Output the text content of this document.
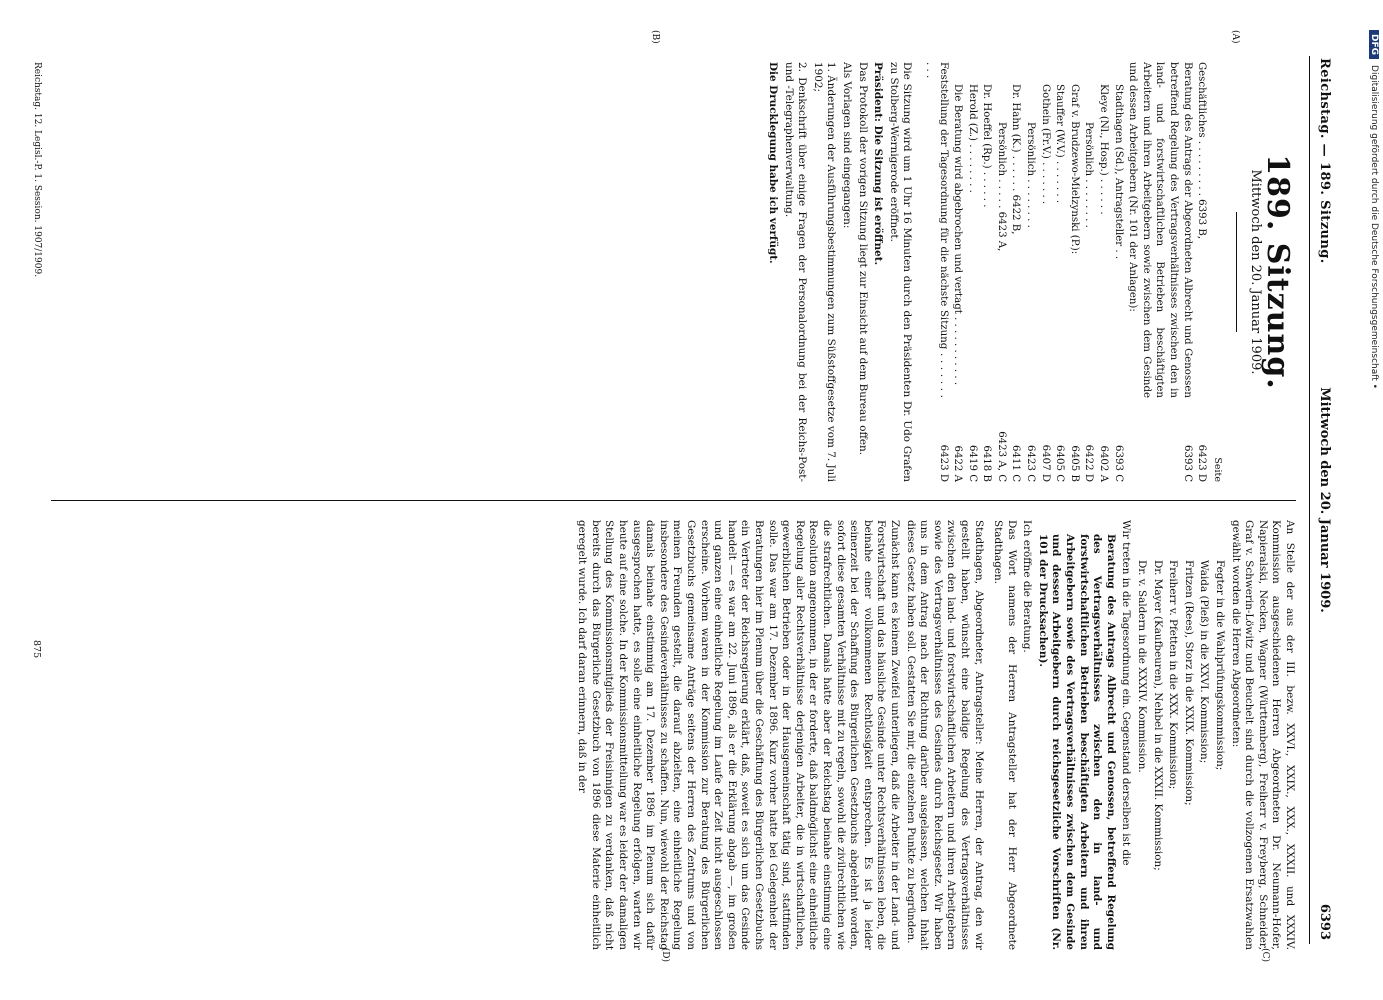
Reichstag. — 189. Sitzung.
Mittwoch den 20. Januar 1909.
6393
(A)
(B)
(C)
(D)
189. Sitzung.
Mittwoch den 20. Januar 1909.
Seite
Geschäftliches . . . . . . . . . 6393 B,	6423 D
Beratung des Antrags der Abgeordneten Albrecht und Genossen betreffend Regelung des Vertragsverhältnisses zwischen den in land- und forstwirtschaftlichen Betrieben beschäftigten Arbeitern und ihren Arbeitgebern sowie zwischen dem Gesinde und dessen Arbeitgebern (Nr. 101 der Anlagen):	6393 C
Stadthagen (Sd.), Antragsteller . .	6393 C
Kleye (Nl., Hosp.) . . . . . .	6402 A
Persönlich . . . . . . . .	6422 D
Graf v. Brudzewo-Mielzynski (P.):	6405 B
Stauffer (W.V.) . . . . . . .	6405 C
Gothein (Fr.V.) . . . . . . .	6407 D
Persönlich . . . . . . . .	6423 C
Dr. Hahn (K.) . . . . . . 6422 B,	6411 C
Persönlich . . . . . 6423 A,	6423 A, C
Dr. Hoeffel (Rp.) . . . . . .	6418 B
Herold (Z.) . . . . . . . .	6419 C
Die Beratung wird abgebrochen und vertagt . . . . . . . . . . .	6422 A
Feststellung der Tagesordnung für die nächste Sitzung . . . . . . . . . .	6423 D

Die Sitzung wird um 1 Uhr 16 Minuten durch den Präsidenten Dr. Udo Grafen zu Stolberg-Wernigerode eröffnet.

Präsident: Die Sitzung ist eröffnet.

Das Protokoll der vorigen Sitzung liegt zur Einsicht auf dem Bureau offen.

Als Vorlagen sind eingegangen:

1. Änderungen der Ausführungsbestimmungen zum Süßstoffgesetze vom 7. Juli 1902;

2. Denkschrift über einige Fragen der Personalordnung bei der Reichs-Post- und -Telegraphenverwaltung.

Die Drucklegung habe ich verfügt.

An Stelle der aus der III. bezw. XXVI., XXIX., XXX., XXXII. und XXXIV. Kommission ausgeschiedenen Herren Abgeordneten Dr. Neumann-Hofer, Napieralski, Necken, Wagner (Württemberg), Freiherr v. Freyberg, Schneider, Graf v. Schwerin-Löwitz und Beuchelt sind durch die vollzogenen Ersatzwahlen gewählt worden die Herren Abgeordneten:

Fegter in die Wahlprüfungskommission;

Waida (Pleß) in die XXVI. Kommission;

Fritzen (Rees), Storz in die XXIX. Kommission;

Freiherr v. Pfetten in die XXX. Kommission;

Dr. Mayer (Kaufbeuren), Nehbel in die XXXII. Kommission;

Dr. v. Saldern in die XXXIV. Kommission.

Wir treten in die Tagesordnung ein. Gegenstand derselben ist die

Beratung des Antrags Albrecht und Genossen, betreffend Regelung des Vertragsverhältnisses zwischen den in land- und forstwirtschaftlichen Betrieben beschäftigten Arbeitern und ihren Arbeitgebern sowie des Vertragsverhältnisses zwischen dem Gesinde und dessen Arbeitgebern durch reichsgesetzliche Vorschriften (Nr. 101 der Drucksachen).

Ich eröffne die Beratung.

Das Wort namens der Herren Antragsteller hat der Herr Abgeordnete Stadthagen.

Stadthagen, Abgeordneter, Antragsteller: Meine Herren, der Antrag, den wir gestellt haben, wünscht eine baldige Regelung des Vertragsverhältnisses zwischen den land- und forstwirtschaftlichen Arbeitern und ihren Arbeitgebern sowie des Vertragsverhältnisses des Gesindes durch Reichsgesetz. Wir haben uns in dem Antrag nach der Richtung darüber ausgelassen, welchen Inhalt dieses Gesetz haben soll. Gestatten Sie mir, die einzelnen Punkte zu begründen.

Zunächst kann es keinem Zweifel unterliegen, daß die Arbeiter in der Land- und Forstwirtschaft und das häusliche Gesinde unter Rechtsverhältnissen leben, die beinahe einer vollkommenen Rechtlosigkeit entsprechen. Es ist ja leider seinerzeit bei der Schaffung des Bürgerlichen Gesetzbuchs abgelehnt worden, sofort diese gesamten Verhältnisse mit zu regeln, sowohl die zivilrechtlichen wie die strafrechtlichen. Damals hatte aber der Reichstag beinahe einstimmig eine Resolution angenommen, in der er forderte, daß baldmöglichst eine einheitliche Regelung aller Rechtsverhältnisse derjenigen Arbeiter, die in wirtschaftlichen, gewerblichen Betrieben oder in der Hausgemeinschaft tätig sind, stattfinden solle. Das war am 17. Dezember 1896. Kurz vorher hatte bei Gelegenheit der Beratungen hier im Plenum über die Geschäftung des Bürgerlichen Gesetzbuchs ein Vertreter der Reichsregierung erklärt, daß, soweit es sich um das Gesinde handelt — es war am 22. Juni 1896, als er die Erklärung abgab —, im großen und ganzen eine einheitliche Regelung im Laufe der Zeit nicht ausgeschlossen erscheine. Vorhem waren in der Kommission zur Beratung des Bürgerlichen Gesetzbuchs gemeinsame Anträge seitens der Herren des Zentrums und von meinen Freunden gestellt, die darauf abzielten, eine einheitliche Regelung insbesondere des Gesindeverhältnisses zu schaffen. Nun, wiewohl der Reichstag damals beinahe einstimmig am 17. Dezember 1896 im Plenum sich dafür ausgesprochen hatte, es solle eine einheitliche Regelung erfolgen, warten wir heute auf eine solche. In der Kommissionsmitteilung war es leider der damaligen Stellung des Kommissionsmitglieds der Freisinnigen zu verdanken, daß nicht bereits durch das Bürgerliche Gesetzbuch von 1896 diese Materie einheitlich geregelt wurde. Ich darf daran erinnern, daß in der

Reichstag. 12. Legisl.-P. 1. Session. 1907/1909.
875
DFGDigitalisierung gefördert durch die Deutsche Forschungsgemeinschaft •
